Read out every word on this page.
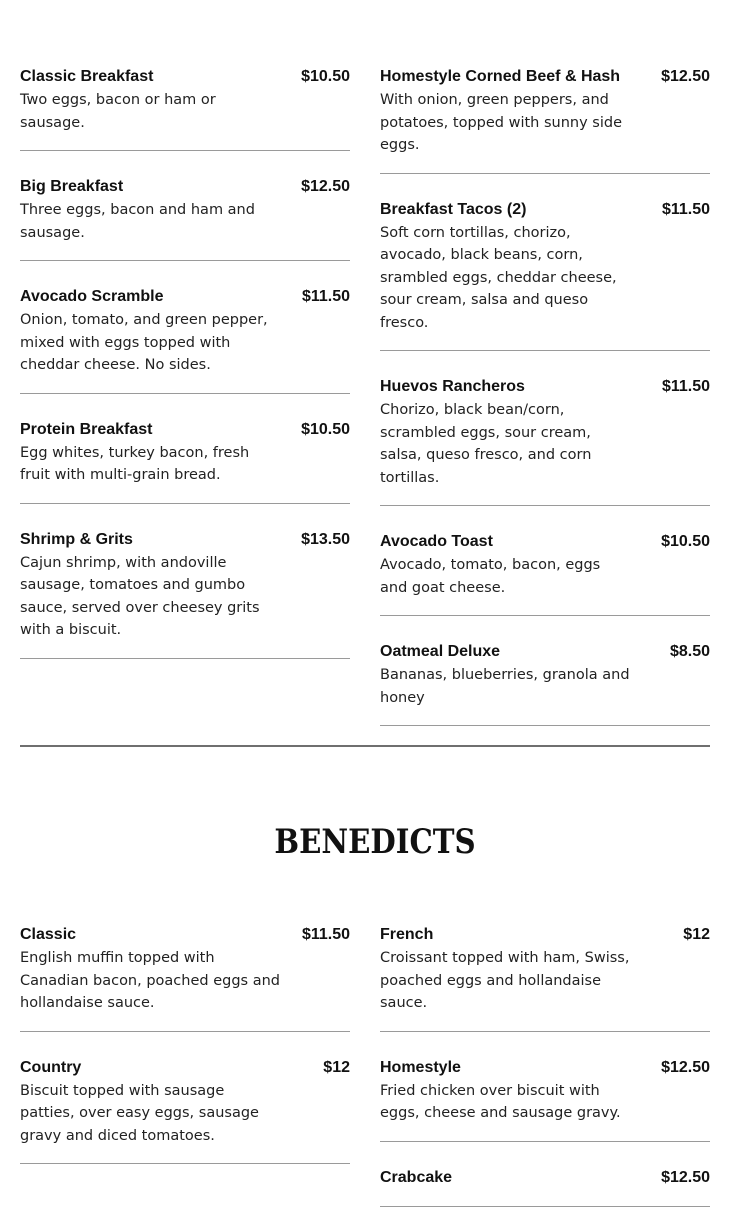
Classic Breakfast	$10.50
Two eggs, bacon or ham or sausage.
Big Breakfast	$12.50
Three eggs, bacon and ham and sausage.
Avocado Scramble	$11.50
Onion, tomato, and green pepper, mixed with eggs topped with cheddar cheese. No sides.
Protein Breakfast	$10.50
Egg whites, turkey bacon, fresh fruit with multi-grain bread.
Shrimp & Grits	$13.50
Cajun shrimp, with andoville sausage, tomatoes and gumbo sauce, served over cheesey grits with a biscuit.
Homestyle Corned Beef & Hash	$12.50
With onion, green peppers, and potatoes, topped with sunny side eggs.
Breakfast Tacos (2)	$11.50
Soft corn tortillas, chorizo, avocado, black beans, corn, srambled eggs, cheddar cheese, sour cream, salsa and queso fresco.
Huevos Rancheros	$11.50
Chorizo, black bean/corn, scrambled eggs, sour cream, salsa, queso fresco, and corn tortillas.
Avocado Toast	$10.50
Avocado, tomato, bacon, eggs and goat cheese.
Oatmeal Deluxe	$8.50
Bananas, blueberries, granola and honey
BENEDICTS
Classic	$11.50
English muffin topped with Canadian bacon, poached eggs and hollandaise sauce.
Country	$12
Biscuit topped with sausage patties, over easy eggs, sausage gravy and diced tomatoes.
French	$12
Croissant topped with ham, Swiss, poached eggs and hollandaise sauce.
Homestyle	$12.50
Fried chicken over biscuit with eggs, cheese and sausage gravy.
Crabcake	$12.50
